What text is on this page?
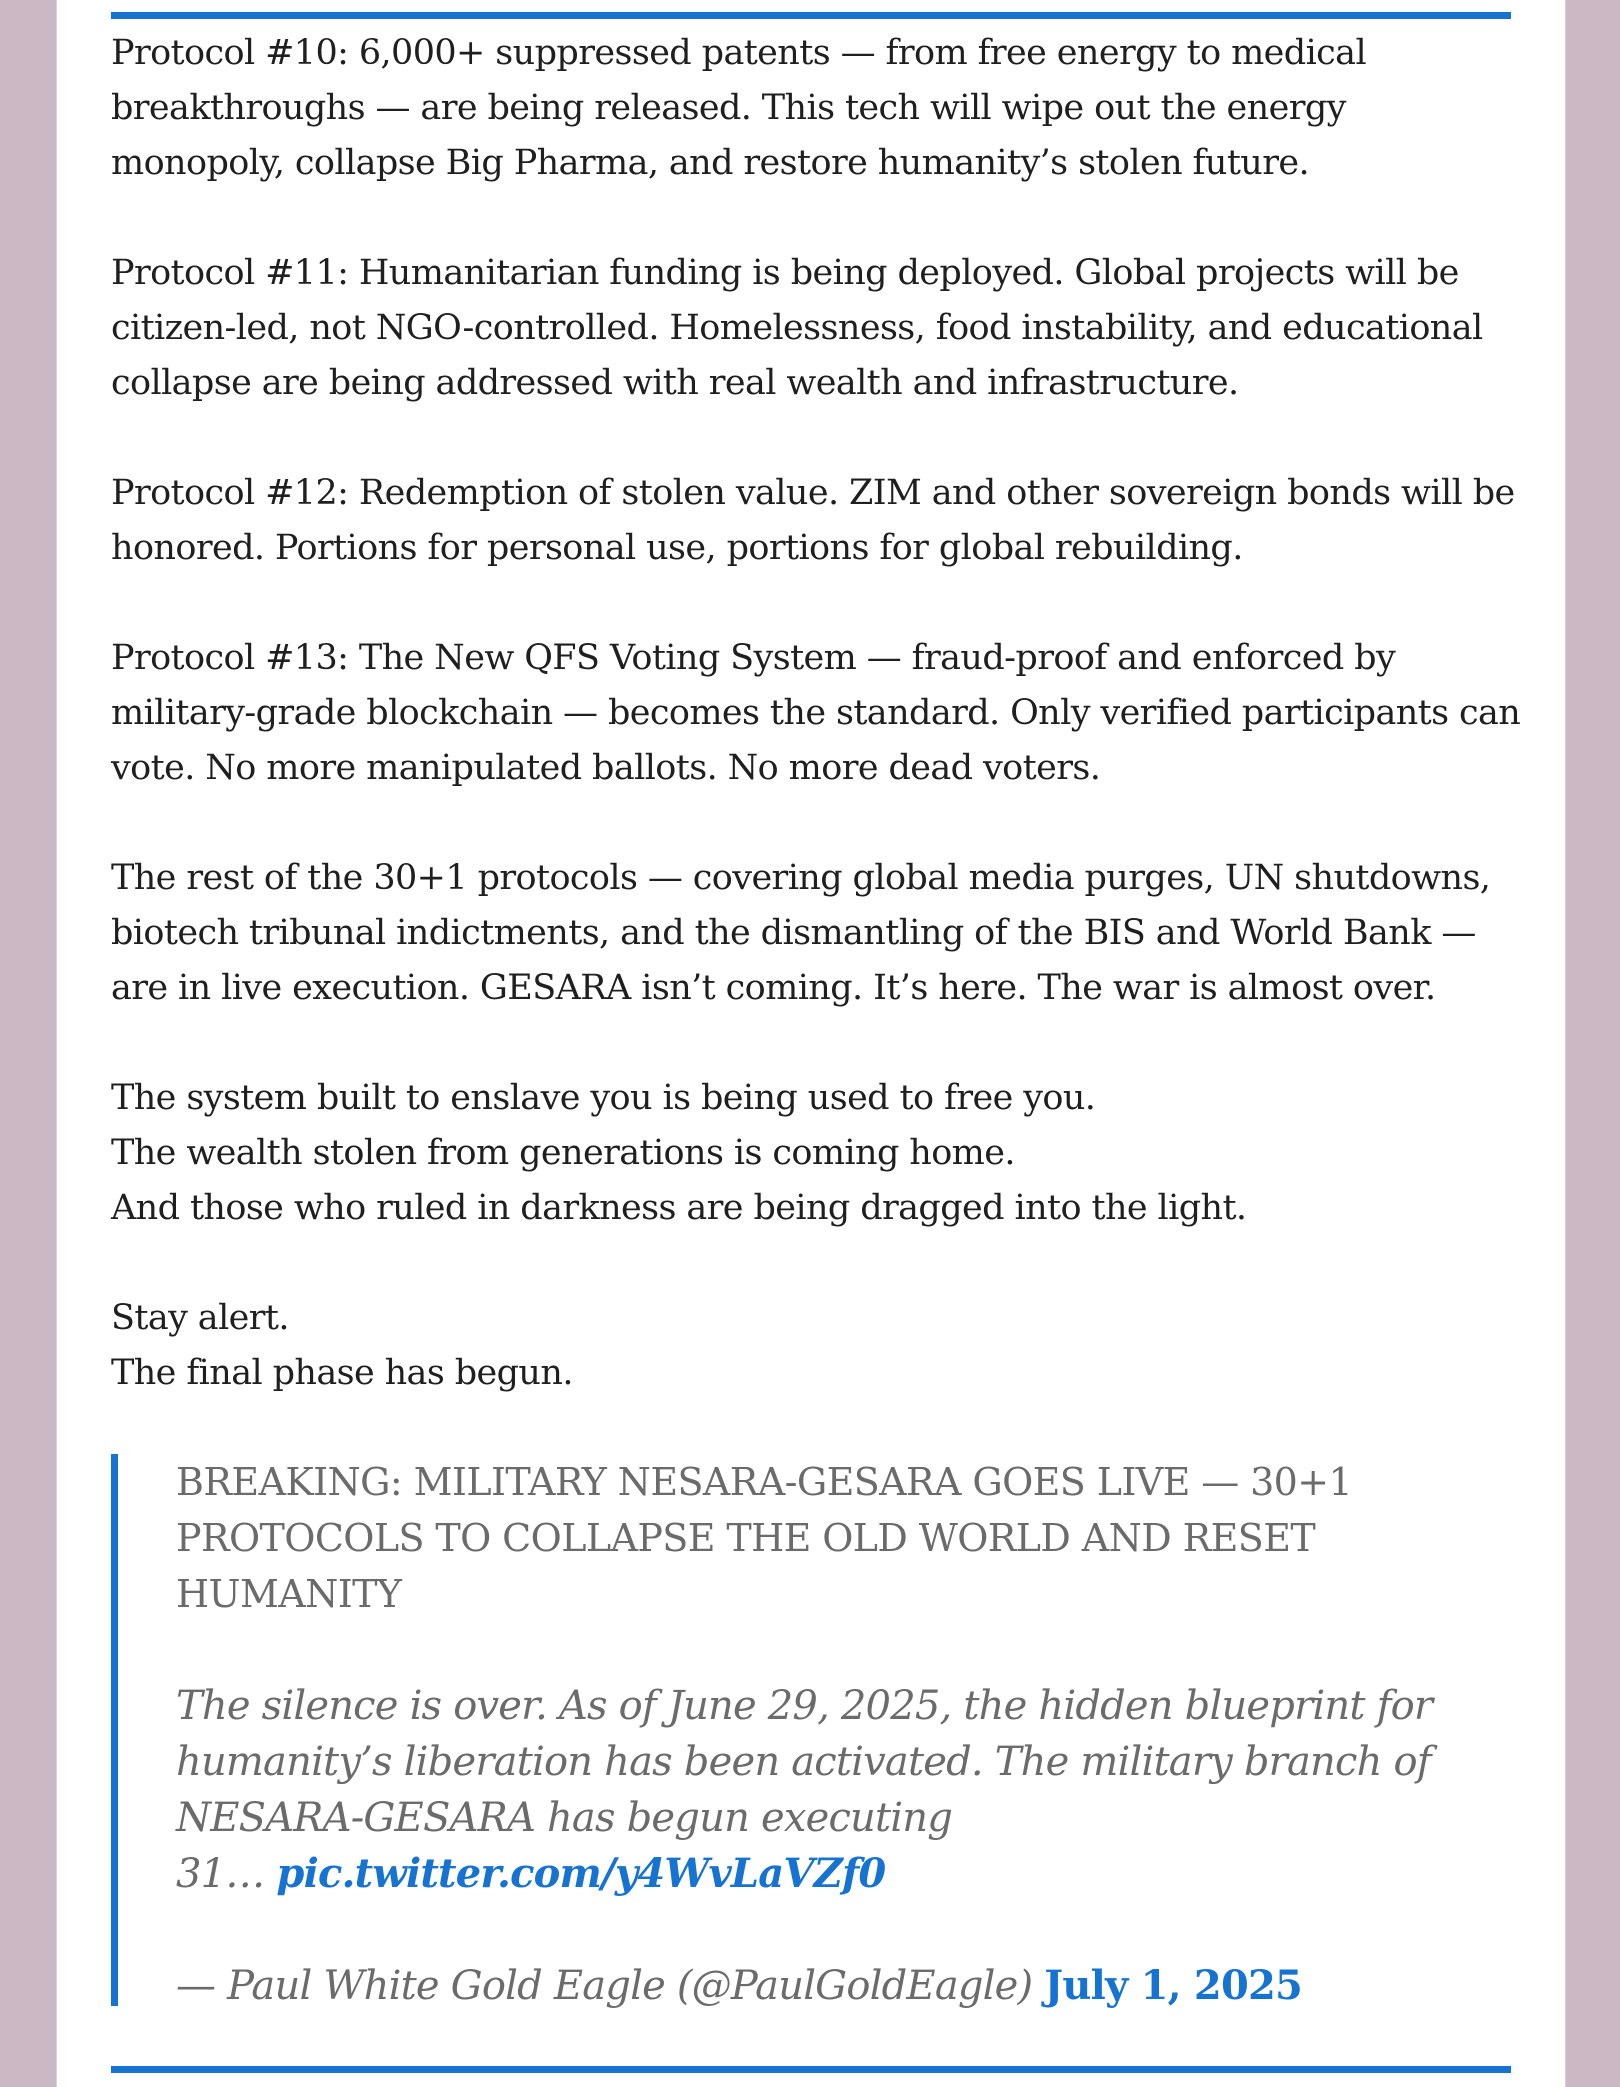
Protocol #10: 6,000+ suppressed patents — from free energy to medical
breakthroughs — are being released. This tech will wipe out the energy
monopoly, collapse Big Pharma, and restore humanity’s stolen future.

Protocol #11: Humanitarian funding is being deployed. Global projects will be
citizen-led, not NGO-controlled. Homelessness, food instability, and educational
collapse are being addressed with real wealth and infrastructure.

Protocol #12: Redemption of stolen value. ZIM and other sovereign bonds will be
honored. Portions for personal use, portions for global rebuilding.

Protocol #13: The New QFS Voting System — fraud-proof and enforced by
military-grade blockchain — becomes the standard. Only verified participants can
vote. No more manipulated ballots. No more dead voters.

The rest of the 30+1 protocols — covering global media purges, UN shutdowns,
biotech tribunal indictments, and the dismantling of the BIS and World Bank —
are in live execution. GESARA isn’t coming. It’s here. The war is almost over.

The system built to enslave you is being used to free you.
The wealth stolen from generations is coming home.
And those who ruled in darkness are being dragged into the light.

Stay alert.
The final phase has begun.

BREAKING: MILITARY NESARA-GESARA GOES LIVE — 30+1
PROTOCOLS TO COLLAPSE THE OLD WORLD AND RESET
HUMANITY

The silence is over. As of June 29, 2025, the hidden blueprint for
humanity’s liberation has been activated. The military branch of
NESARA-GESARA has begun executing
31… pic.twitter.com/y4WvLaVZf0

— Paul White Gold Eagle (@PaulGoldEagle) July 1, 2025
